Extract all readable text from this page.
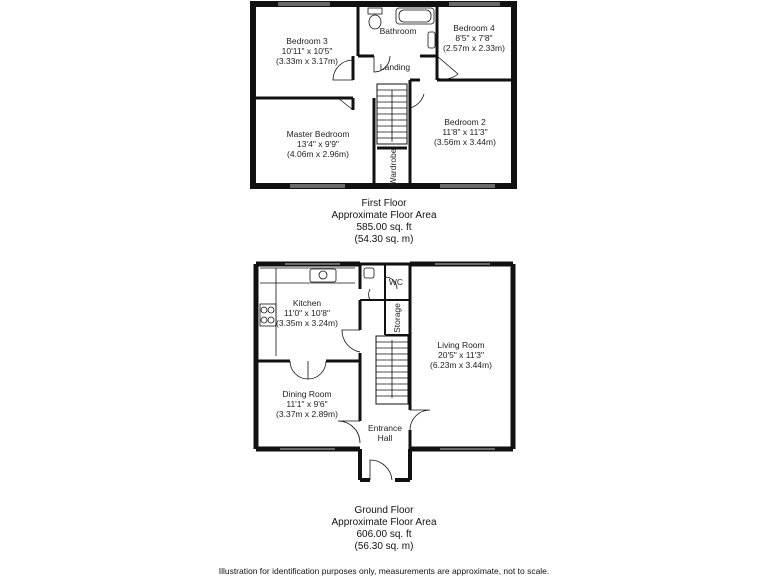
Bedroom 3
10'11" x 10'5"
(3.33m x 3.17m)
Bathroom	Bedroom 4
8'5" x 7'8"
(2.57m x 2.33m)
Landing
Master Bedroom
13'4" x 9'9"
(4.06m x 2.96m)
Bedroom 2
11'8" x 11'3"
(3.56m x 3.44m)
Wardrobe
First Floor
Approximate Floor Area
585.00 sq. ft
(54.30 sq. m)
Kitchen
11'0" x 10'8"
(3.35m x 3.24m)
WC
Storage
Living Room
20'5" x 11'3"
(6.23m x 3.44m)
Dining Room
11'1" x 9'6"
(3.37m x 2.89m)
Entrance
Hall
Ground Floor
Approximate Floor Area
606.00 sq. ft
(56.30 sq. m)
Illustration for identification purposes only, measurements are approximate, not to scale.
